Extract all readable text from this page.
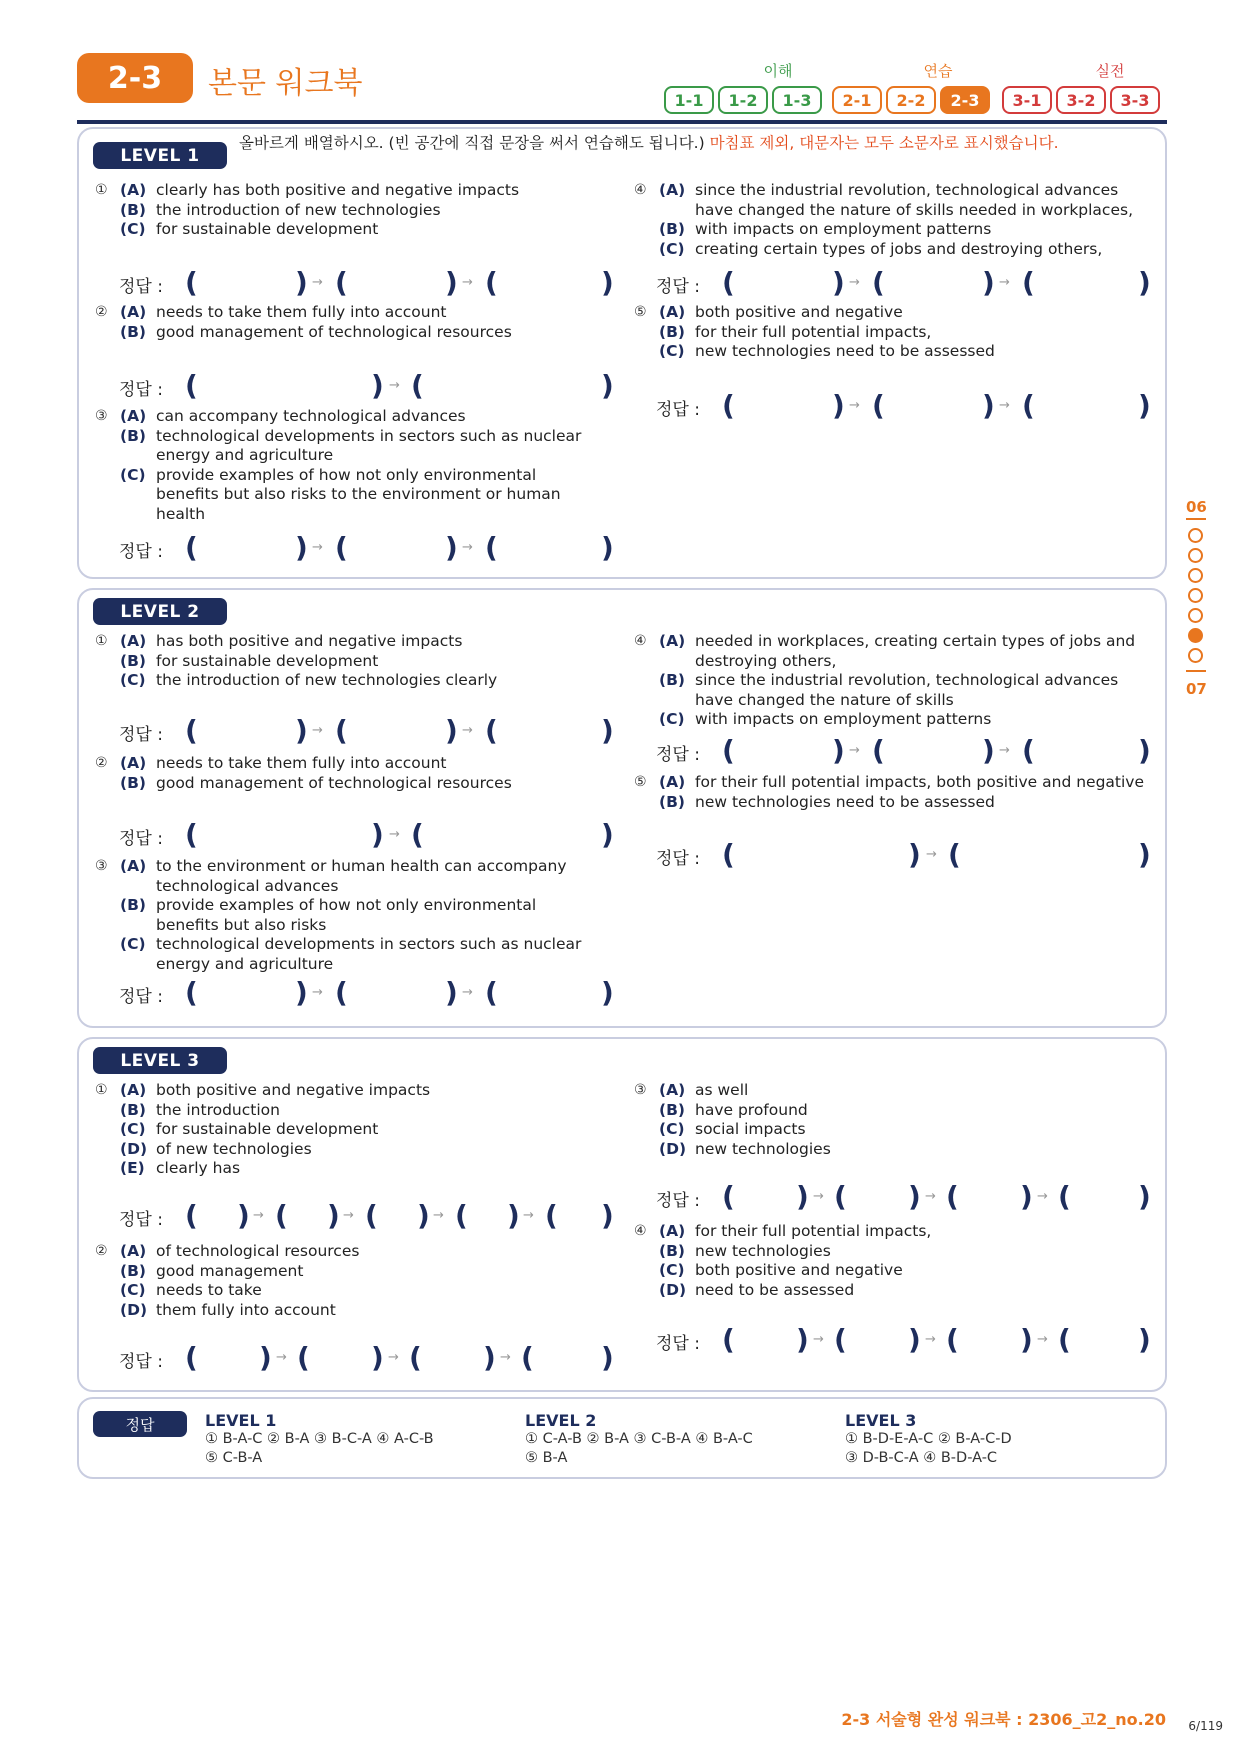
2-3	본문 워크북	이해	연습	실전
1-1	1-2	1-3	2-1	2-2	2-3	3-1	3-2	3-3
LEVEL 1
올바르게 배열하시오. (빈 공간에 직접 문장을 써서 연습해도 됩니다.) 마침표 제외, 대문자는 모두 소문자로 표시했습니다.
① (A) clearly has both positive and negative impacts
(B) the introduction of new technologies
(C) for sustainable development
정답 : (	) → (	) → (	)
② (A) needs to take them fully into account
(B) good management of technological resources
정답 : (	) → (	)
③ (A) can accompany technological advances
(B) technological developments in sectors such as nuclear energy and agriculture
(C) provide examples of how not only environmental benefits but also risks to the environment or human health
정답 : (	) → (	) → (	)
④ (A) since the industrial revolution, technological advances have changed the nature of skills needed in workplaces,
(B) with impacts on employment patterns
(C) creating certain types of jobs and destroying others,
정답 : (	) → (	) → (	)
⑤ (A) both positive and negative
(B) for their full potential impacts,
(C) new technologies need to be assessed
정답 : (	) → (	) → (	)
LEVEL 2
① (A) has both positive and negative impacts
(B) for sustainable development
(C) the introduction of new technologies clearly
정답 : (	) → (	) → (	)
② (A) needs to take them fully into account
(B) good management of technological resources
정답 : (	) → (	)
③ (A) to the environment or human health can accompany technological advances
(B) provide examples of how not only environmental benefits but also risks
(C) technological developments in sectors such as nuclear energy and agriculture
정답 : (	) → (	) → (	)
④ (A) needed in workplaces, creating certain types of jobs and destroying others,
(B) since the industrial revolution, technological advances have changed the nature of skills
(C) with impacts on employment patterns
정답 : (	) → (	) → (	)
⑤ (A) for their full potential impacts, both positive and negative
(B) new technologies need to be assessed
정답 : (	) → (	)
LEVEL 3
① (A) both positive and negative impacts
(B) the introduction
(C) for sustainable development
(D) of new technologies
(E) clearly has
정답 : ( ) → ( ) → ( ) → ( ) → ( )
② (A) of technological resources
(B) good management
(C) needs to take
(D) them fully into account
정답 : ( ) → ( ) → ( ) → ( )
③ (A) as well
(B) have profound
(C) social impacts
(D) new technologies
정답 : ( ) → ( ) → ( ) → ( )
④ (A) for their full potential impacts,
(B) new technologies
(C) both positive and negative
(D) need to be assessed
정답 : ( ) → ( ) → ( ) → ( )
정답	LEVEL 1
① B-A-C ② B-A ③ B-C-A ④ A-C-B
⑤ C-B-A
LEVEL 2
① C-A-B ② B-A ③ C-B-A ④ B-A-C
⑤ B-A
LEVEL 3
① B-D-E-A-C ② B-A-C-D
③ D-B-C-A ④ B-D-A-C
06
07
2-3 서술형 완성 워크북 : 2306_고2_no.20 6/119
